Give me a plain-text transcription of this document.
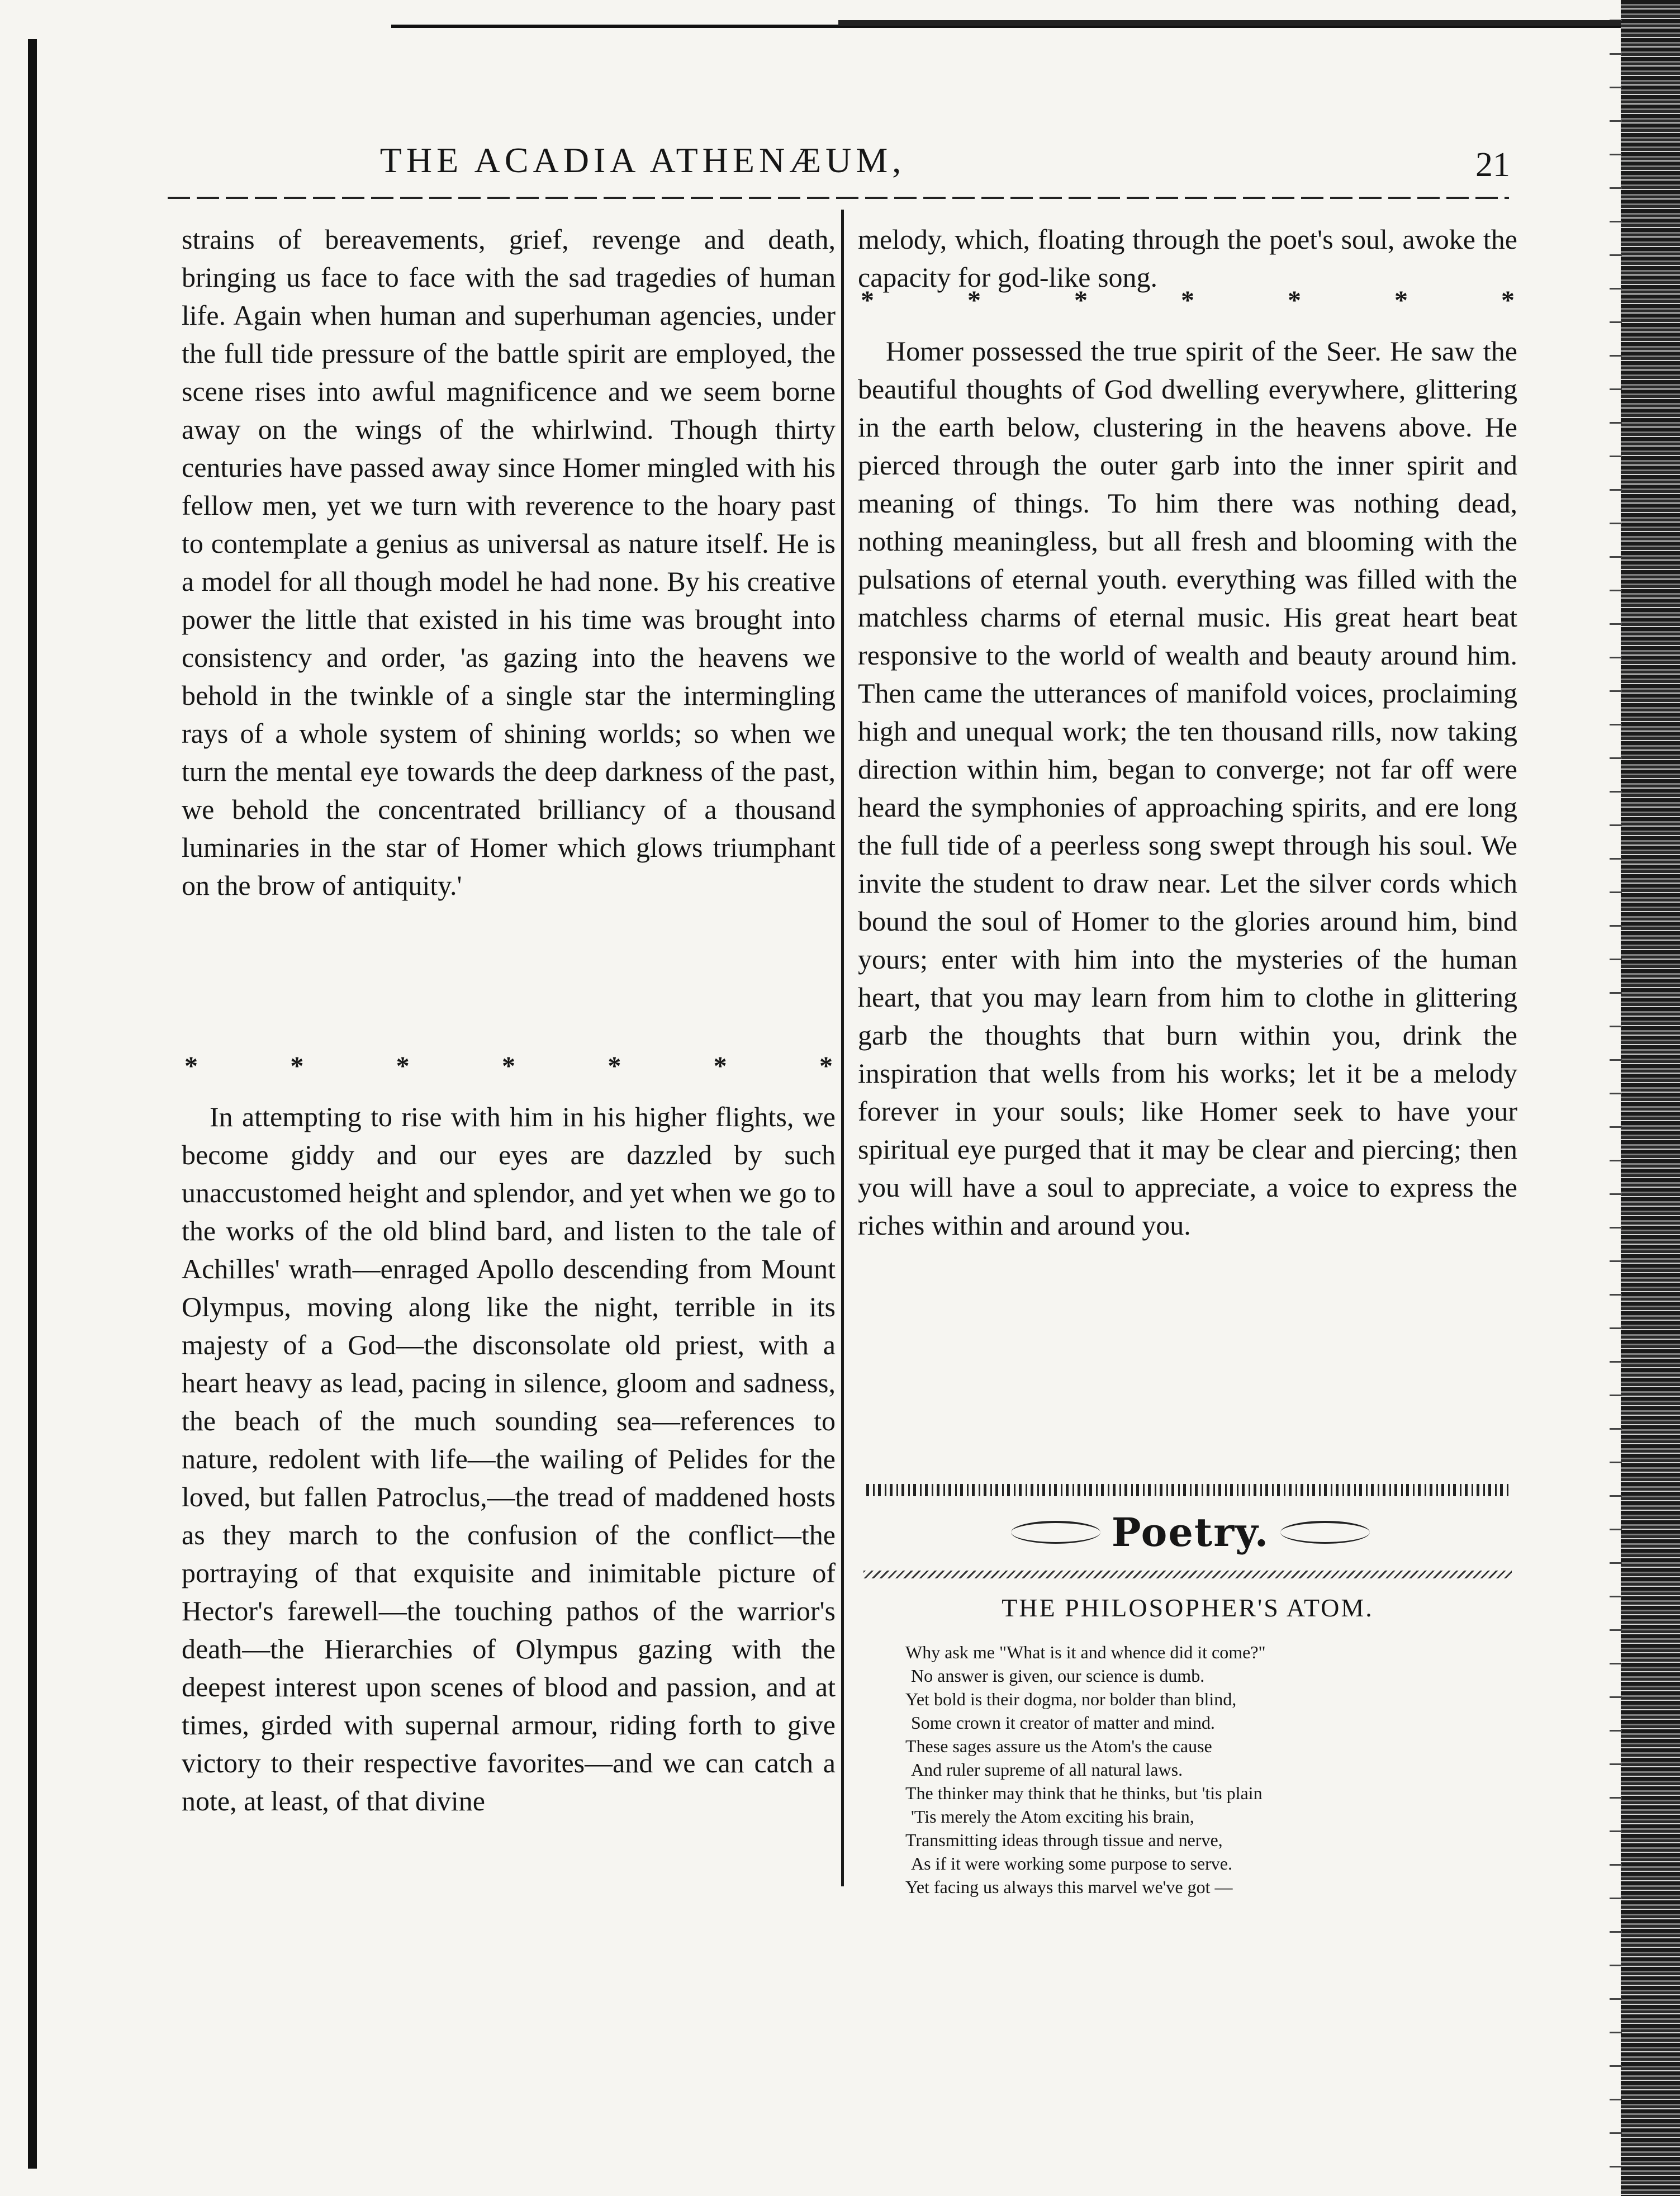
THE ACADIA ATHENÆUM,	21

strains of bereavements, grief, revenge and death, bringing us face to face with the sad tragedies of human life. Again when human and superhuman agencies, under the full tide pressure of the battle spirit are employed, the scene rises into awful magnificence and we seem borne away on the wings of the whirlwind. Though thirty centuries have passed away since Homer mingled with his fellow men, yet we turn with reverence to the hoary past to contemplate a genius as universal as nature itself. He is a model for all though model he had none. By his creative power the little that existed in his time was brought into consistency and order, 'as gazing into the heavens we behold in the twinkle of a single star the intermingling rays of a whole system of shining worlds; so when we turn the mental eye towards the deep darkness of the past, we behold the concentrated brilliancy of a thousand luminaries in the star of Homer which glows triumphant on the brow of antiquity.'

*	*	*	*	*	*	*

In attempting to rise with him in his higher flights, we become giddy and our eyes are dazzled by such unaccustomed height and splendor, and yet when we go to the works of the old blind bard, and listen to the tale of Achilles' wrath—enraged Apollo descending from Mount Olympus, moving along like the night, terrible in its majesty of a God—the disconsolate old priest, with a heart heavy as lead, pacing in silence, gloom and sadness, the beach of the much sounding sea—references to nature, redolent with life—the wailing of Pelides for the loved, but fallen Patroclus,—the tread of maddened hosts as they march to the confusion of the conflict—the portraying of that exquisite and inimitable picture of Hector's farewell—the touching pathos of the warrior's death—the Hierarchies of Olympus gazing with the deepest interest upon scenes of blood and passion, and at times, girded with supernal armour, riding forth to give victory to their respective favorites—and we can catch a note, at least, of that divine

melody, which, floating through the poet's soul, awoke the capacity for god-like song.

*	*	*	*	*	*	*

Homer possessed the true spirit of the Seer. He saw the beautiful thoughts of God dwelling everywhere, glittering in the earth below, clustering in the heavens above. He pierced through the outer garb into the inner spirit and meaning of things. To him there was nothing dead, nothing meaningless, but all fresh and blooming with the pulsations of eternal youth. everything was filled with the matchless charms of eternal music. His great heart beat responsive to the world of wealth and beauty around him. Then came the utterances of manifold voices, proclaiming high and unequal work; the ten thousand rills, now taking direction within him, began to converge; not far off were heard the symphonies of approaching spirits, and ere long the full tide of a peerless song swept through his soul. We invite the student to draw near. Let the silver cords which bound the soul of Homer to the glories around him, bind yours; enter with him into the mysteries of the human heart, that you may learn from him to clothe in glittering garb the thoughts that burn within you, drink the inspiration that wells from his works; let it be a melody forever in your souls; like Homer seek to have your spiritual eye purged that it may be clear and piercing; then you will have a soul to appreciate, a voice to express the riches within and around you.

Poetry.
THE PHILOSOPHER'S ATOM.
Why ask me "What is it and whence did it come?"
No answer is given, our science is dumb.
Yet bold is their dogma, nor bolder than blind,
Some crown it creator of matter and mind.
These sages assure us the Atom's the cause
And ruler supreme of all natural laws.
The thinker may think that he thinks, but 'tis plain
'Tis merely the Atom exciting his brain,
Transmitting ideas through tissue and nerve,
As if it were working some purpose to serve.
Yet facing us always this marvel we've got —
